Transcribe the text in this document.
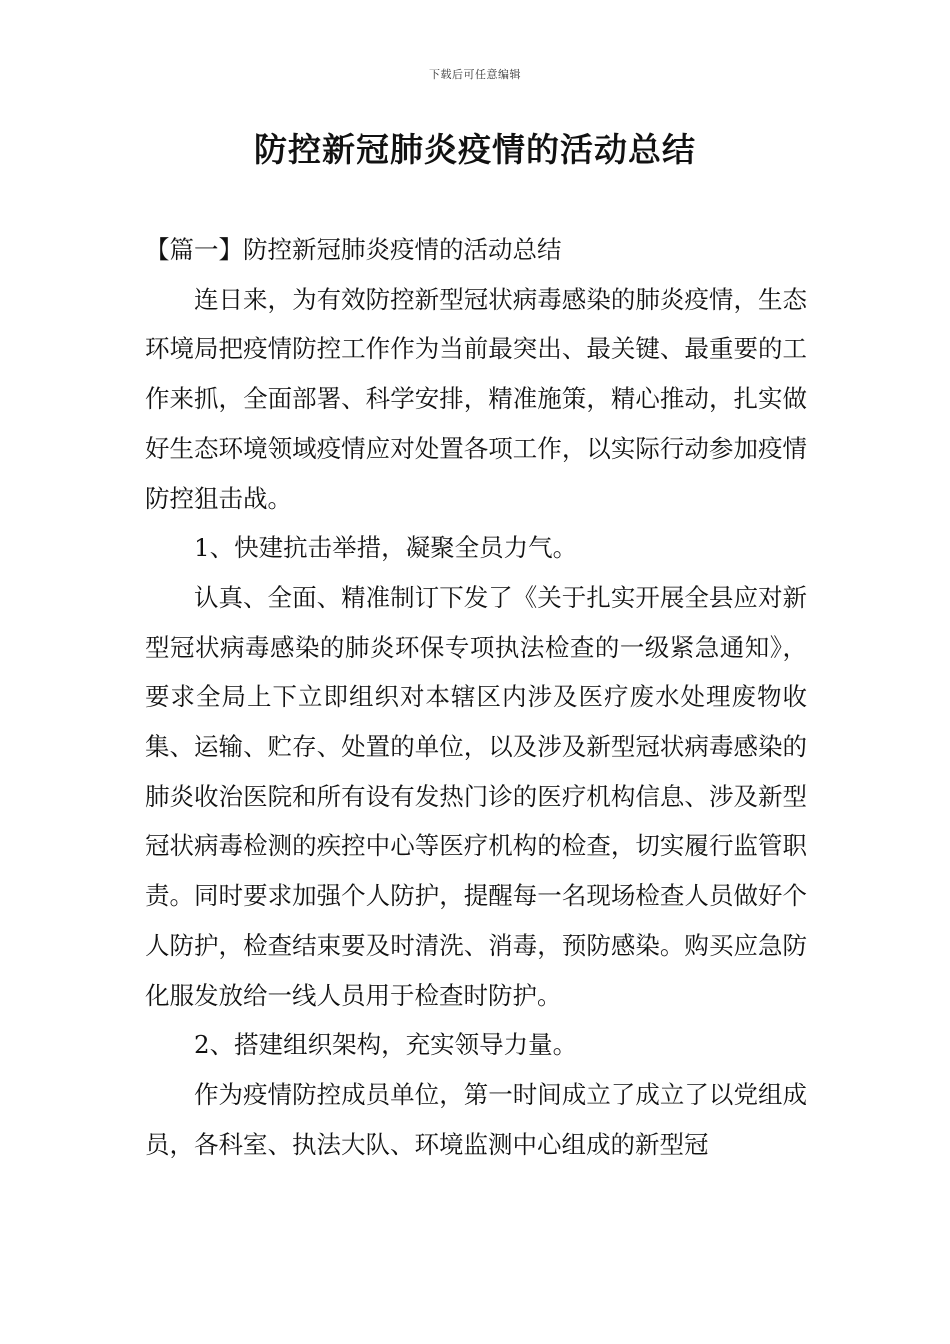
下载后可任意编辑
防控新冠肺炎疫情的活动总结

【篇一】防控新冠肺炎疫情的活动总结

连日来，为有效防控新型冠状病毒感染的肺炎疫情，生态环境局把疫情防控工作作为当前最突出、最关键、最重要的工作来抓，全面部署、科学安排，精准施策，精心推动，扎实做好生态环境领域疫情应对处置各项工作，以实际行动参加疫情防控狙击战。

1、快建抗击举措，凝聚全员力气。

认真、全面、精准制订下发了《关于扎实开展全县应对新型冠状病毒感染的肺炎环保专项执法检查的一级紧急通知》，要求全局上下立即组织对本辖区内涉及医疗废水处理废物收集、运输、贮存、处置的单位，以及涉及新型冠状病毒感染的肺炎收治医院和所有设有发热门诊的医疗机构信息、涉及新型冠状病毒检测的疾控中心等医疗机构的检查，切实履行监管职责。同时要求加强个人防护，提醒每一名现场检查人员做好个人防护，检查结束要及时清洗、消毒，预防感染。购买应急防化服发放给一线人员用于检查时防护。

2、搭建组织架构，充实领导力量。

作为疫情防控成员单位，第一时间成立了成立了以党组成员，各科室、执法大队、环境监测中心组成的新型冠
